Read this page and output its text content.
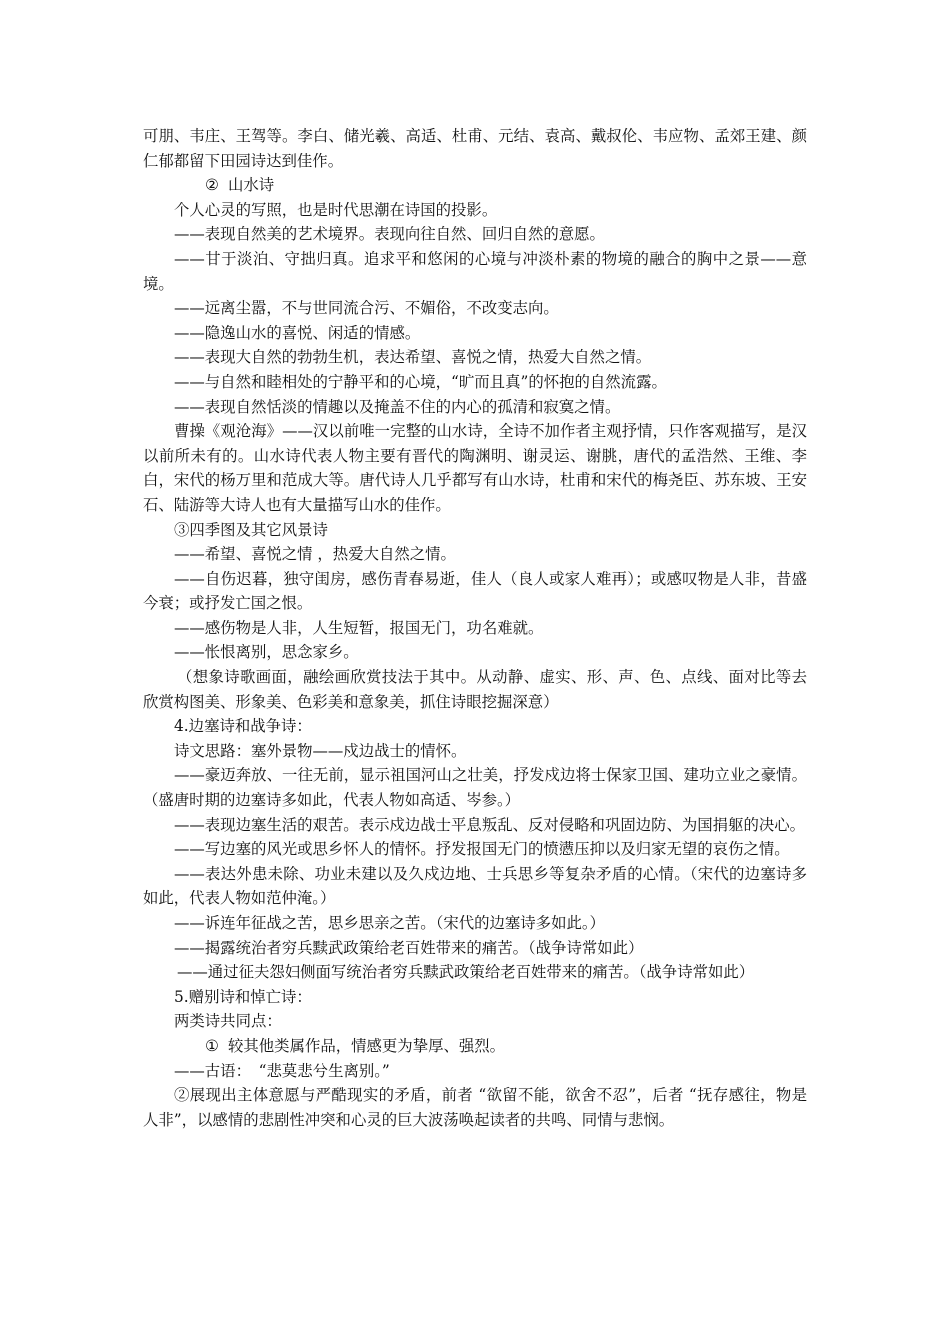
可朋、韦庄、王驾等。李白、储光羲、高适、杜甫、元结、袁高、戴叔伦、韦应物、孟郊王建、颜仁郁都留下田园诗达到佳作。

② 山水诗

个人心灵的写照，也是时代思潮在诗国的投影。

——表现自然美的艺术境界。表现向往自然、回归自然的意愿。

——甘于淡泊、守拙归真。追求平和悠闲的心境与冲淡朴素的物境的融合的胸中之景——意境。

——远离尘嚣，不与世同流合污、不媚俗，不改变志向。

——隐逸山水的喜悦、闲适的情感。

——表现大自然的勃勃生机，表达希望、喜悦之情，热爱大自然之情。

——与自然和睦相处的宁静平和的心境，“旷而且真”的怀抱的自然流露。

——表现自然恬淡的情趣以及掩盖不住的内心的孤清和寂寞之情。

曹操《观沧海》——汉以前唯一完整的山水诗，全诗不加作者主观抒情，只作客观描写，是汉以前所未有的。山水诗代表人物主要有晋代的陶渊明、谢灵运、谢朓，唐代的孟浩然、王维、李白，宋代的杨万里和范成大等。唐代诗人几乎都写有山水诗，杜甫和宋代的梅尧臣、苏东坡、王安石、陆游等大诗人也有大量描写山水的佳作。

③四季图及其它风景诗

——希望、喜悦之情 ，热爱大自然之情。

——自伤迟暮，独守闺房，感伤青春易逝，佳人（良人或家人难再）；或感叹物是人非，昔盛今衰；或抒发亡国之恨。

——感伤物是人非，人生短暂，报国无门，功名难就。

——怅恨离别，思念家乡。

（想象诗歌画面，融绘画欣赏技法于其中。从动静、虚实、形、声、色、点线、面对比等去欣赏构图美、形象美、色彩美和意象美，抓住诗眼挖掘深意）

4.边塞诗和战争诗：

诗文思路：塞外景物——戍边战士的情怀。

——豪迈奔放、一往无前，显示祖国河山之壮美，抒发戍边将士保家卫国、建功立业之豪情。（盛唐时期的边塞诗多如此，代表人物如高适、岑参。）

——表现边塞生活的艰苦。表示戍边战士平息叛乱、反对侵略和巩固边防、为国捐躯的决心。

——写边塞的风光或思乡怀人的情怀。抒发报国无门的愤懑压抑以及归家无望的哀伤之情。

——表达外患未除、功业未建以及久戍边地、士兵思乡等复杂矛盾的心情。（宋代的边塞诗多如此，代表人物如范仲淹。）

——诉连年征战之苦，思乡思亲之苦。（宋代的边塞诗多如此。）

——揭露统治者穷兵黩武政策给老百姓带来的痛苦。（战争诗常如此）

——通过征夫怨妇侧面写统治者穷兵黩武政策给老百姓带来的痛苦。（战争诗常如此）

5.赠别诗和悼亡诗：

两类诗共同点：

① 较其他类属作品，情感更为挚厚、强烈。

——古语：　“悲莫悲兮生离别。”

②展现出主体意愿与严酷现实的矛盾，前者 “欲留不能，欲舍不忍”，后者 “抚存感往，物是人非”，以感情的悲剧性冲突和心灵的巨大波荡唤起读者的共鸣、同情与悲悯。
